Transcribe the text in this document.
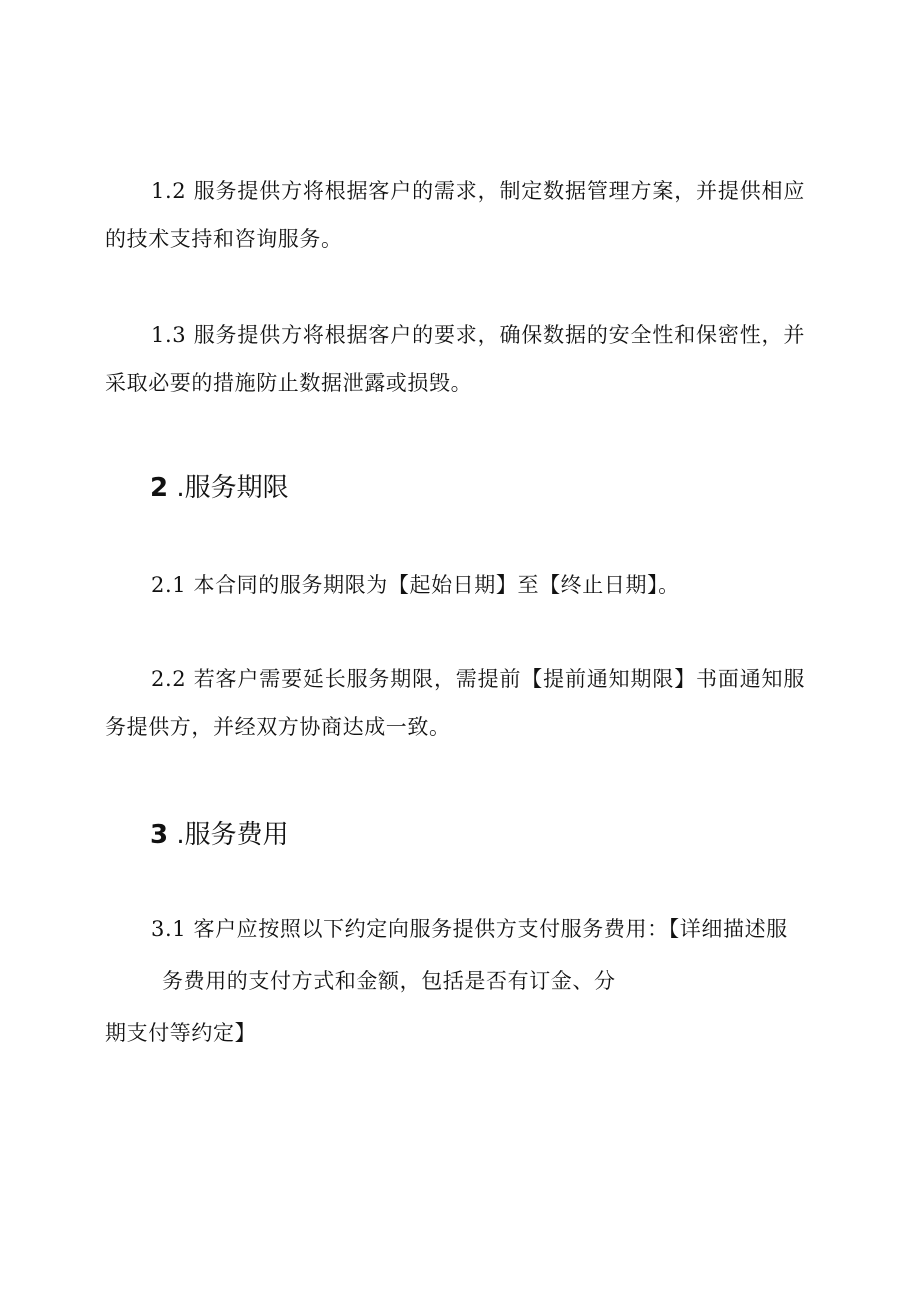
1.2 服务提供方将根据客户的需求，制定数据管理方案，并提供相应的技术支持和咨询服务。

1.3 服务提供方将根据客户的要求，确保数据的安全性和保密性，并采取必要的措施防止数据泄露或损毁。

2 .服务期限

2.1 本合同的服务期限为【起始日期】至【终止日期】。

2.2 若客户需要延长服务期限，需提前【提前通知期限】书面通知服务提供方，并经双方协商达成一致。

3 .服务费用

3.1 客户应按照以下约定向服务提供方支付服务费用：【详细描述服

务费用的支付方式和金额，包括是否有订金、分

期支付等约定】
